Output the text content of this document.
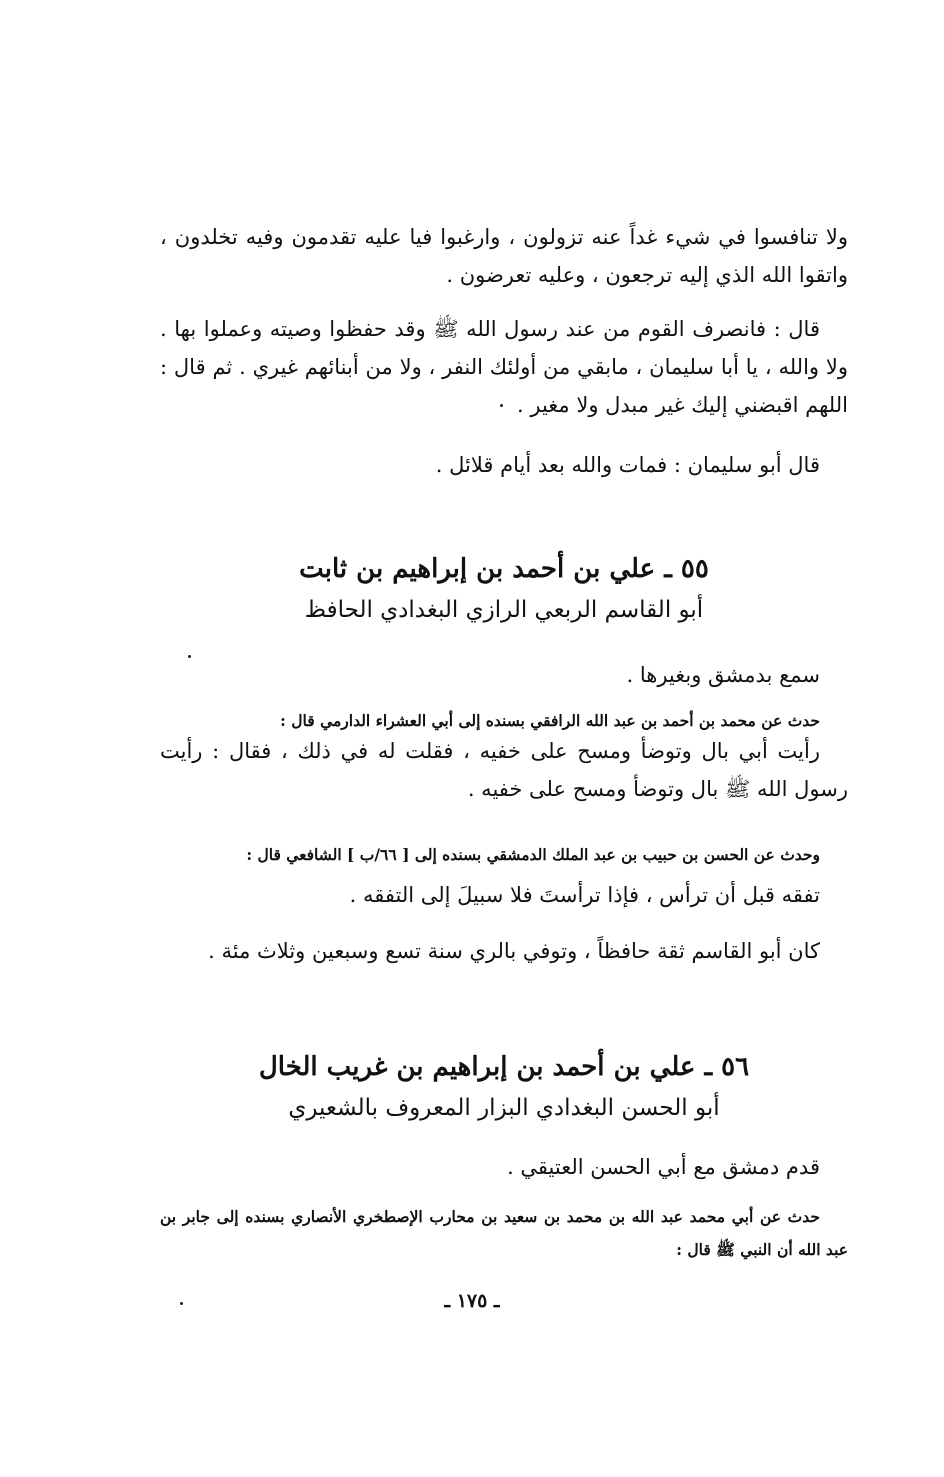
ولا تنافسوا في شيء غداً عنه تزولون ، وارغبوا فيا عليه تقدمون وفيه تخلدون ، واتقوا الله الذي إليه ترجعون ، وعليه تعرضون .

قال : فانصرف القوم من عند رسول الله ﷺ وقد حفظوا وصيته وعملوا بها . ولا والله ، يا أبا سليمان ، مابقي من أولئك النفر ، ولا من أبنائهم غيري . ثم قال : اللهم اقبضني إليك غير مبدل ولا مغير .

قال أبو سليمان : فمات والله بعد أيام قلائل .

٥٥ ـ علي بن أحمد بن إبراهيم بن ثابت
أبو القاسم الربعي الرازي البغدادي الحافظ

سمع بدمشق وبغيرها .

حدث عن محمد بن أحمد بن عبد الله الرافقي بسنده إلى أبي العشراء الدارمي قال :

رأيت أبي بال وتوضأ ومسح على خفيه ، فقلت له في ذلك ، فقال : رأيت رسول الله ﷺ بال وتوضأ ومسح على خفيه .

وحدث عن الحسن بن حبيب بن عبد الملك الدمشقي بسنده إلى [ ٦٦/ب ] الشافعي قال :

تفقه قبل أن ترأس ، فإذا ترأستَ فلا سبيلَ إلى التفقه .

كان أبو القاسم ثقة حافظاً ، وتوفي بالري سنة تسع وسبعين وثلاث مئة .

٥٦ ـ علي بن أحمد بن إبراهيم بن غريب الخال
أبو الحسن البغدادي البزار المعروف بالشعيري

قدم دمشق مع أبي الحسن العتيقي .

حدث عن أبي محمد عبد الله بن محمد بن سعيد بن محارب الإصطخري الأنصاري بسنده إلى جابر بن عبد الله أن النبي ﷺ قال :

ـ ١٧٥ ـ
